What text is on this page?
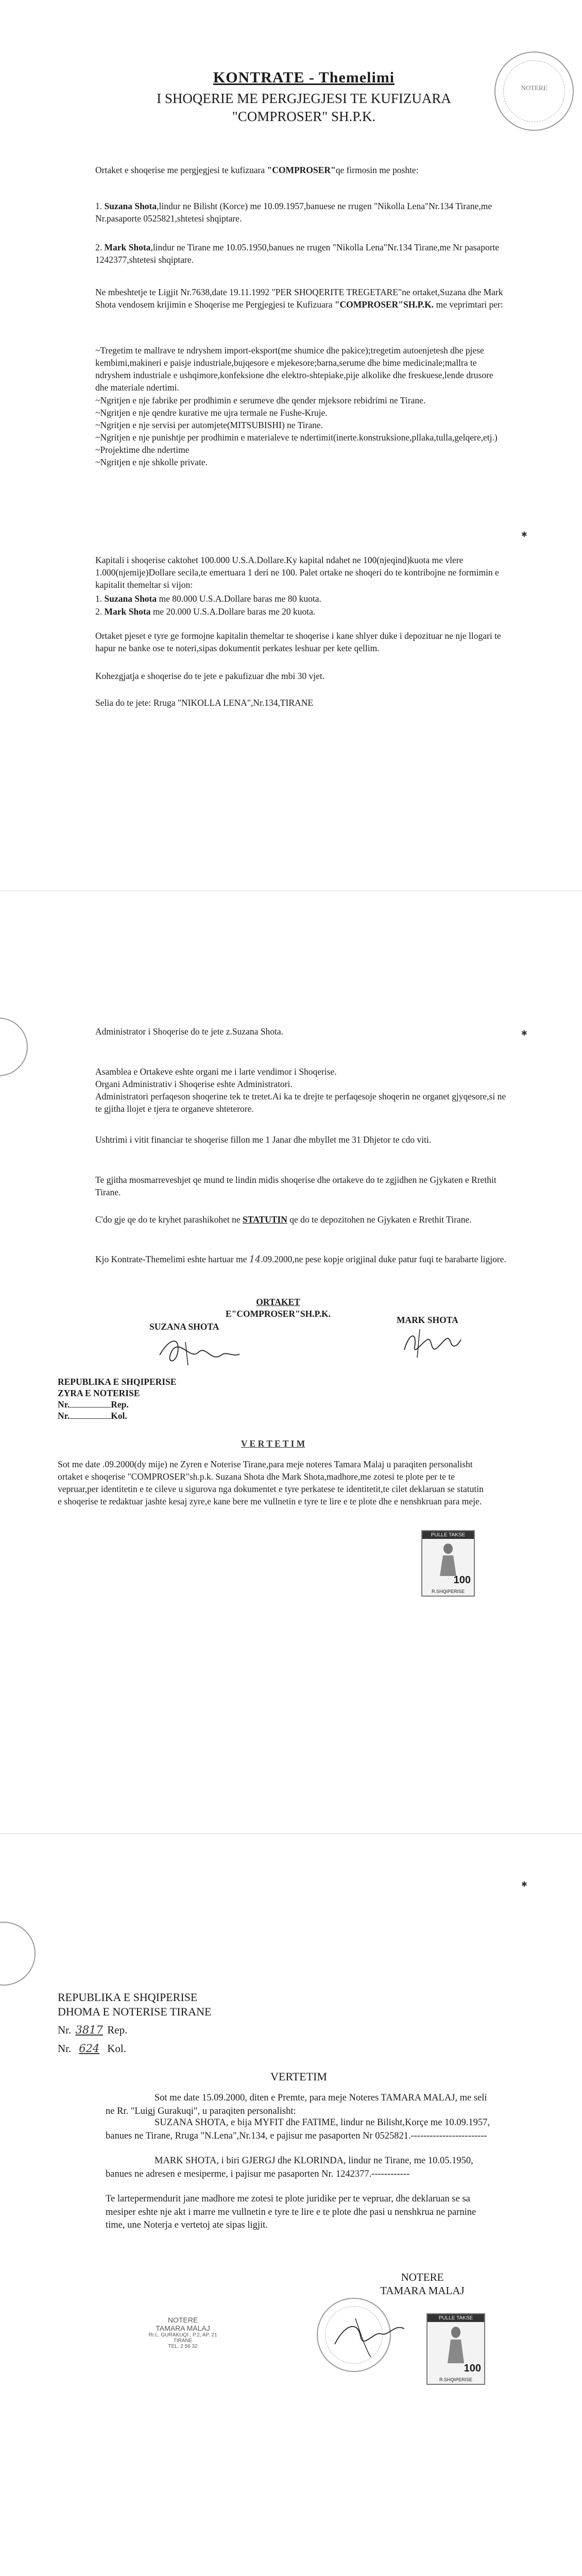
NOTERE
KONTRATE - Themelimi
I SHOQERIE ME PERGJEGJESI TE KUFIZUARA
"COMPROSER" SH.P.K.
Ortaket e shoqerise me pergjegjesi te kufizuara "COMPROSER"qe firmosin me poshte:
1. Suzana Shota,lindur ne Bilisht (Korce) me 10.09.1957,banuese ne rrugen "Nikolla Lena"Nr.134 Tirane,me Nr.pasaporte 0525821,shtetesi shqiptare.
2. Mark Shota,lindur ne Tirane me 10.05.1950,banues ne rrugen "Nikolla Lena"Nr.134 Tirane,me Nr pasaporte 1242377,shtetesi shqiptare.
Ne mbeshtetje te Ligjit Nr.7638,date 19.11.1992 "PER SHOQERITE TREGETARE"ne ortaket,Suzana dhe Mark Shota vendosem krijimin e Shoqerise me Pergjegjesi te Kufizuara "COMPROSER"SH.P.K. me veprimtari per:
~Tregetim te mallrave te ndryshem import-eksport(me shumice dhe pakice);tregetim autoenjetesh dhe pjese kembimi,makineri e paisje industriale,bujqesore e mjekesore;barna,serume dhe bime medicinale;mallra te ndryshem industriale e ushqimore,konfeksione dhe elektro-shtepiake,pije alkolike dhe freskuese,lende drusore dhe materiale ndertimi.
~Ngritjen e nje fabrike per prodhimin e serumeve dhe qender mjeksore rebidrimi ne Tirane.
~Ngritjen e nje qendre kurative me ujra termale ne Fushe-Kruje.
~Ngritjen e nje servisi per automjete(MITSUBISHI) ne Tirane.
~Ngritjen e nje punishtje per prodhimin e materialeve te ndertimit(inerte.konstruksione,pllaka,tulla,gelqere,etj.)
~Projektime dhe ndertime
~Ngritjen e nje shkolle private.
Kapitali i shoqerise caktohet 100.000 U.S.A.Dollare.Ky kapital ndahet ne 100(njeqind)kuota me vlere 1.000(njemije)Dollare secila,te emertuara 1 deri ne 100. Palet ortake ne shoqeri do te kontribojne ne formimin e kapitalit themeltar si vijon:
1. Suzana Shota me 80.000 U.S.A.Dollare baras me 80 kuota.
2. Mark Shota me 20.000 U.S.A.Dollare baras me 20 kuota.
Ortaket pjeset e tyre ge formojne kapitalin themeltar te shoqerise i kane shlyer duke i depozituar ne nje llogari te hapur ne banke ose te noteri,sipas dokumentit perkates leshuar per kete qellim.
Kohezgjatja e shoqerise do te jete e pakufizuar dhe mbi 30 vjet.
Selia do te jete: Rruga "NIKOLLA LENA",Nr.134,TIRANE
✱
Administrator i Shoqerise do te jete z.Suzana Shota.	✱
Asamblea e Ortakeve eshte organi me i larte vendimor i Shoqerise.
Organi Administrativ i Shoqerise eshte Administratori.
Administratori perfaqeson shoqerine tek te tretet.Ai ka te drejte te perfaqesoje shoqerin ne organet gjyqesore,si ne te gjitha llojet e tjera te organeve shteterore.
Ushtrimi i vitit financiar te shoqerise fillon me 1 Janar dhe mbyllet me 31 Dhjetor te cdo viti.
Te gjitha mosmarreveshjet qe mund te lindin midis shoqerise dhe ortakeve do te zgjidhen ne Gjykaten e Rrethit Tirane.
C'do gje qe do te kryhet parashikohet ne STATUTIN qe do te depozitohen ne Gjykaten e Rrethit Tirane.
Kjo Kontrate-Themelimi eshte hartuar me 14.09.2000,ne pese kopje origjinal duke patur fuqi te barabarte ligjore.
ORTAKET
E"COMPROSER"SH.P.K.
SUZANA SHOTA
MARK SHOTA
REPUBLIKA E SHQIPERISE
ZYRA E NOTERISE
Nr.	Rep.
Nr.	Kol.
V E R T E T I M
Sot me date .09.2000(dy mije) ne Zyren e Noterise Tirane,para meje noteres Tamara Malaj u paraqiten personalisht ortaket e shoqerise "COMPROSER"sh.p.k. Suzana Shota dhe Mark Shota,madhore,me zotesi te plote per te te vepruar,per identitetin e te cileve u sigurova nga dokumentet e tyre perkatese te identitetit,te cilet deklaruan se statutin e shoqerise te redaktuar jashte kesaj zyre,e kane bere me vullnetin e tyre te lire e te plote dhe e nenshkruan para meje.
PULLE TAKSE
100
R.SHQIPERISE
✱
REPUBLIKA E SHQIPERISE
DHOMA E NOTERISE TIRANE
Nr. 3817 Rep.
Nr. 624 Kol.
VERTETIM
Sot me date 15.09.2000, diten e Premte, para meje Noteres TAMARA MALAJ, me seli ne Rr. "Luigj Gurakuqi", u paraqiten personalisht:
SUZANA SHOTA, e bija MYFIT dhe FATIME, lindur ne Bilisht,Korçe me 10.09.1957, banues ne Tirane, Rruga "N.Lena",Nr.134, e pajisur me pasaporten Nr 0525821.------------------------
MARK SHOTA, i biri GJERGJ dhe KLORINDA, lindur ne Tirane, me 10.05.1950, banues ne adresen e mesiperme, i pajisur me pasaporten Nr. 1242377.------------
Te lartepermendurit jane madhore me zotesi te plote juridike per te vepruar, dhe deklaruan se sa mesiper eshte nje akt i marre me vullnetin e tyre te lire e te plote dhe pasi u nenshkrua ne parnine time, une Noterja e vertetoj ate sipas ligjit.
NOTERE
TAMARA MALAJ
NOTERE
TAMARA MALAJ
Rr.L. GURAKUQI , P.2, AP. 21
TIRANE
TEL. 2 56 32
PULLE TAKSE
100
R.SHQIPERISE
